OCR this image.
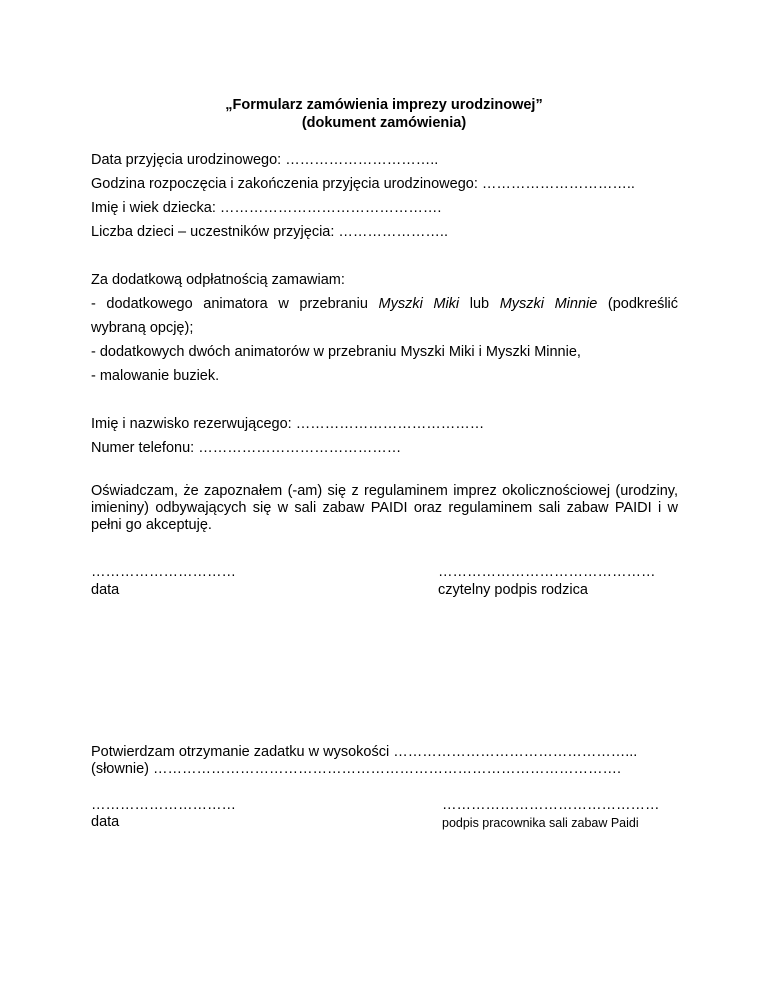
„Formularz zamówienia imprezy urodzinowej”
(dokument zamówienia)
Data przyjęcia urodzinowego: …………………………..
Godzina rozpoczęcia i zakończenia przyjęcia urodzinowego: …………………………..
Imię i wiek dziecka: ……………………………………….
Liczba dzieci – uczestników przyjęcia: …………………..
Za dodatkową odpłatnością zamawiam:
- dodatkowego animatora w przebraniu Myszki Miki lub Myszki Minnie (podkreślić
wybraną opcję);
- dodatkowych dwóch animatorów w przebraniu Myszki Miki i Myszki Minnie,
- malowanie buziek.
Imię i nazwisko rezerwującego: …………………………………
Numer telefonu: ……………………………………
Oświadczam, że zapoznałem (-am) się z regulaminem imprez okolicznościowej (urodziny, imieniny) odbywających się w sali zabaw PAIDI oraz regulaminem sali zabaw PAIDI i w pełni go akceptuję.
…………………………
data
………………………………………
czytelny podpis rodzica
Potwierdzam otrzymanie zadatku w wysokości …………………………………………...
(słownie) …………………………………………………………………………………….
…………………………
data
………………………………………
podpis pracownika sali zabaw Paidi
